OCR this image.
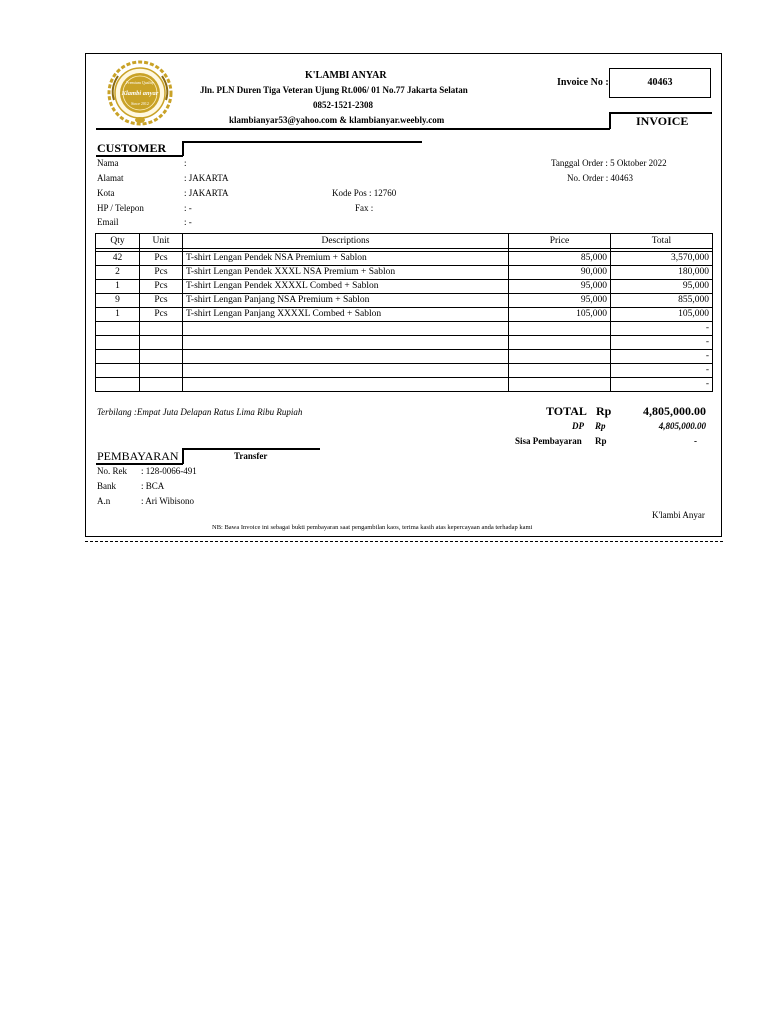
Premium Quality
Klambi anyar
Since 2012
K'LAMBI ANYAR
Jln. PLN Duren Tiga Veteran Ujung Rt.006/ 01 No.77 Jakarta Selatan
0852-1521-2308
klambianyar53@yahoo.com & klambianyar.weebly.com
Invoice No :	40463
INVOICE
CUSTOMER
Nama	:
Alamat	: JAKARTA
Kota	: JAKARTA	Kode Pos : 12760
HP / Telepon	: -	Fax :
Email	: -
Tanggal Order : 5 Oktober 2022
No. Order : 40463
Qty	Unit	Descriptions	Price	Total

42	Pcs	T-shirt Lengan Pendek NSA Premium + Sablon	85,000	3,570,000
2	Pcs	T-shirt Lengan Pendek XXXL NSA Premium + Sablon	90,000	180,000
1	Pcs	T-shirt Lengan Pendek XXXXL Combed + Sablon	95,000	95,000
9	Pcs	T-shirt Lengan Panjang NSA Premium + Sablon	95,000	855,000
1	Pcs	T-shirt Lengan Panjang XXXXL Combed + Sablon	105,000	105,000
				-
				-
				-
				-
				-
Terbilang :Empat Juta Delapan Ratus Lima Ribu Rupiah	TOTAL Rp	4,805,000.00
DP Rp	4,805,000.00
Sisa Pembayaran Rp	-
PEMBAYARAN	Transfer
No. Rek : 128-0066-491
Bank	: BCA
A.n	: Ari Wibisono
K'lambi Anyar
NB: Bawa Invoice ini sebagai bukti pembayaran saat pengambilan kaos, terima kasih atas kepercayaan anda terhadap kami
